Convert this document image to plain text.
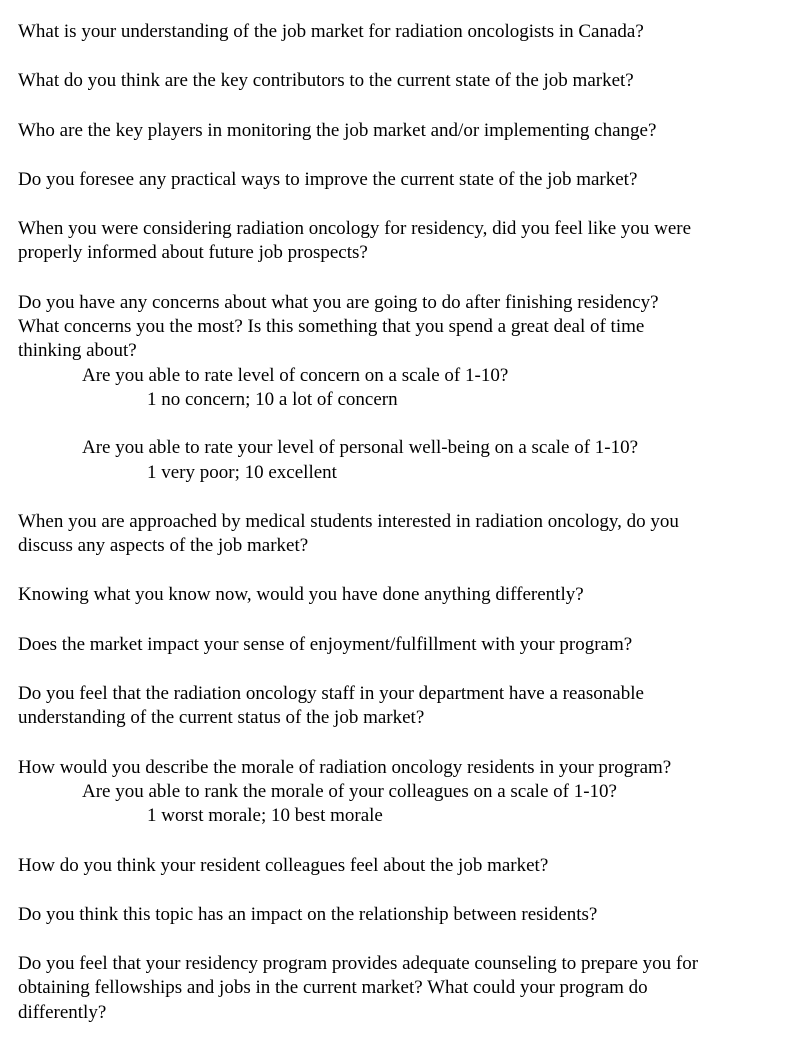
What is your understanding of the job market for radiation oncologists in Canada?
What do you think are the key contributors to the current state of the job market?
Who are the key players in monitoring the job market and/or implementing change?
Do you foresee any practical ways to improve the current state of the job market?
When you were considering radiation oncology for residency, did you feel like you were
properly informed about future job prospects?
Do you have any concerns about what you are going to do after finishing residency?
What concerns you the most? Is this something that you spend a great deal of time
thinking about?
Are you able to rate level of concern on a scale of 1-10?
1 no concern; 10 a lot of concern
Are you able to rate your level of personal well-being on a scale of 1-10?
1 very poor; 10 excellent
When you are approached by medical students interested in radiation oncology, do you
discuss any aspects of the job market?
Knowing what you know now, would you have done anything differently?
Does the market impact your sense of enjoyment/fulfillment with your program?
Do you feel that the radiation oncology staff in your department have a reasonable
understanding of the current status of the job market?
How would you describe the morale of radiation oncology residents in your program?
Are you able to rank the morale of your colleagues on a scale of 1-10?
1 worst morale; 10 best morale
How do you think your resident colleagues feel about the job market?
Do you think this topic has an impact on the relationship between residents?
Do you feel that your residency program provides adequate counseling to prepare you for
obtaining fellowships and jobs in the current market? What could your program do
differently?
